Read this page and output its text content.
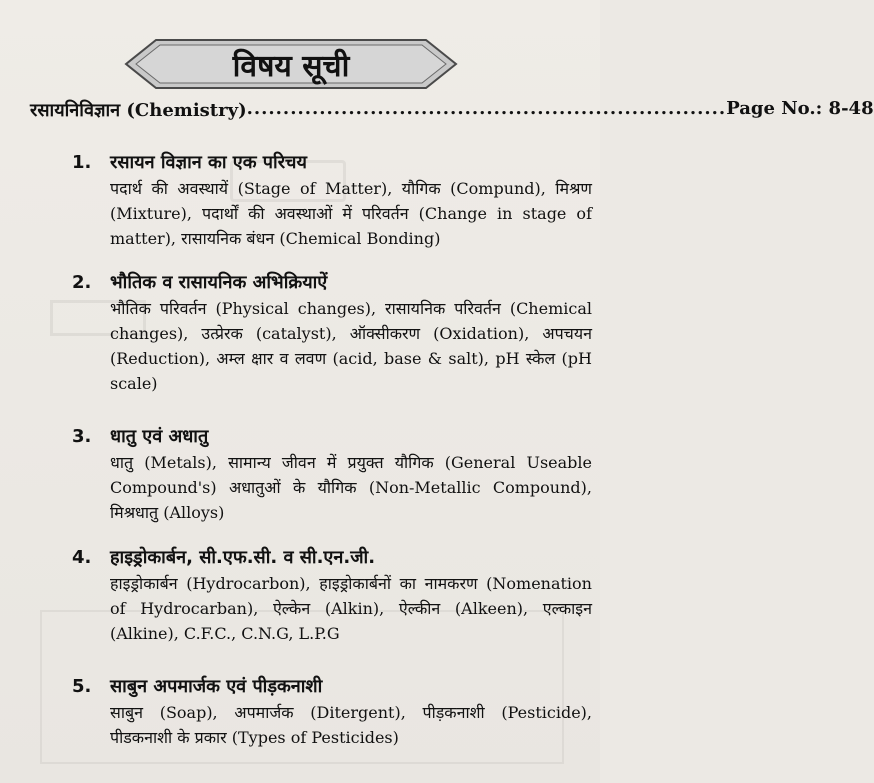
विषय सूची
रसायनिविज्ञान (Chemistry) .................................................................. Page No.: 8-48
1.	रसायन विज्ञान का एक परिचय
पदार्थ की अवस्थायें (Stage of Matter), यौगिक (Compund), मिश्रण (Mixture), पदार्थों की अवस्थाओं में परिवर्तन (Change in stage of matter), रासायनिक बंधन (Chemical Bonding)
2.	भौतिक व रासायनिक अभिक्रियाऐं
भौतिक परिवर्तन (Physical changes), रासायनिक परिवर्तन (Chemical changes), उत्प्रेरक (catalyst), ऑक्सीकरण (Oxidation), अपचयन (Reduction), अम्ल क्षार व लवण (acid, base & salt), pH स्केल (pH scale)
3.	धातु एवं अधातु
धातु (Metals), सामान्य जीवन में प्रयुक्त यौगिक (General Useable Compound's) अधातुओं के यौगिक (Non-Metallic Compound), मिश्रधातु (Alloys)
4.	हाइड्रोकार्बन, सी.एफ.सी. व सी.एन.जी.
हाइड्रोकार्बन (Hydrocarbon), हाइड्रोकार्बनों का नामकरण (Nomenation of Hydrocarban), ऐल्केन (Alkin), ऐल्कीन (Alkeen), एल्काइन (Alkine), C.F.C., C.N.G, L.P.G
5.	साबुन अपमार्जक एवं पीड़कनाशी
साबुन (Soap), अपमार्जक (Ditergent), पीड़कनाशी (Pesticide), पीडकनाशी के प्रकार (Types of Pesticides)
